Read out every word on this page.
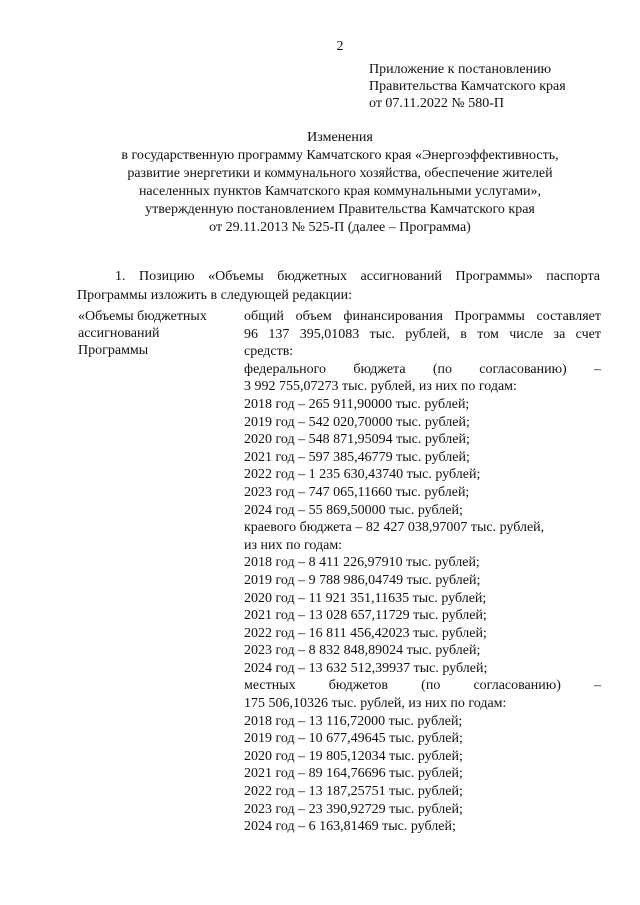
2
Приложение к постановлению
Правительства Камчатского края
от 07.11.2022 № 580-П
Изменения
в государственную программу Камчатского края «Энергоэффективность,
развитие энергетики и коммунального хозяйства, обеспечение жителей
населенных пунктов Камчатского края коммунальными услугами»,
утвержденную постановлением Правительства Камчатского края
от 29.11.2013 № 525-П (далее – Программа)
1. Позицию «Объемы бюджетных ассигнований Программы» паспорта
Программы изложить в следующей редакции:
«Объемы бюджетных
ассигнований
Программы
общий объем финансирования Программы составляет
96 137 395,01083 тыс. рублей, в том числе за счет
средств:
федерального бюджета (по согласованию) –
3 992 755,07273 тыс. рублей, из них по годам:
2018 год – 265 911,90000 тыс. рублей;
2019 год – 542 020,70000 тыс. рублей;
2020 год – 548 871,95094 тыс. рублей;
2021 год – 597 385,46779 тыс. рублей;
2022 год – 1 235 630,43740 тыс. рублей;
2023 год – 747 065,11660 тыс. рублей;
2024 год – 55 869,50000 тыс. рублей;
краевого бюджета – 82 427 038,97007 тыс. рублей,
из них по годам:
2018 год – 8 411 226,97910 тыс. рублей;
2019 год – 9 788 986,04749 тыс. рублей;
2020 год – 11 921 351,11635 тыс. рублей;
2021 год – 13 028 657,11729 тыс. рублей;
2022 год – 16 811 456,42023 тыс. рублей;
2023 год – 8 832 848,89024 тыс. рублей;
2024 год – 13 632 512,39937 тыс. рублей;
местных бюджетов (по согласованию) –
175 506,10326 тыс. рублей, из них по годам:
2018 год – 13 116,72000 тыс. рублей;
2019 год – 10 677,49645 тыс. рублей;
2020 год – 19 805,12034 тыс. рублей;
2021 год – 89 164,76696 тыс. рублей;
2022 год – 13 187,25751 тыс. рублей;
2023 год – 23 390,92729 тыс. рублей;
2024 год – 6 163,81469 тыс. рублей;
